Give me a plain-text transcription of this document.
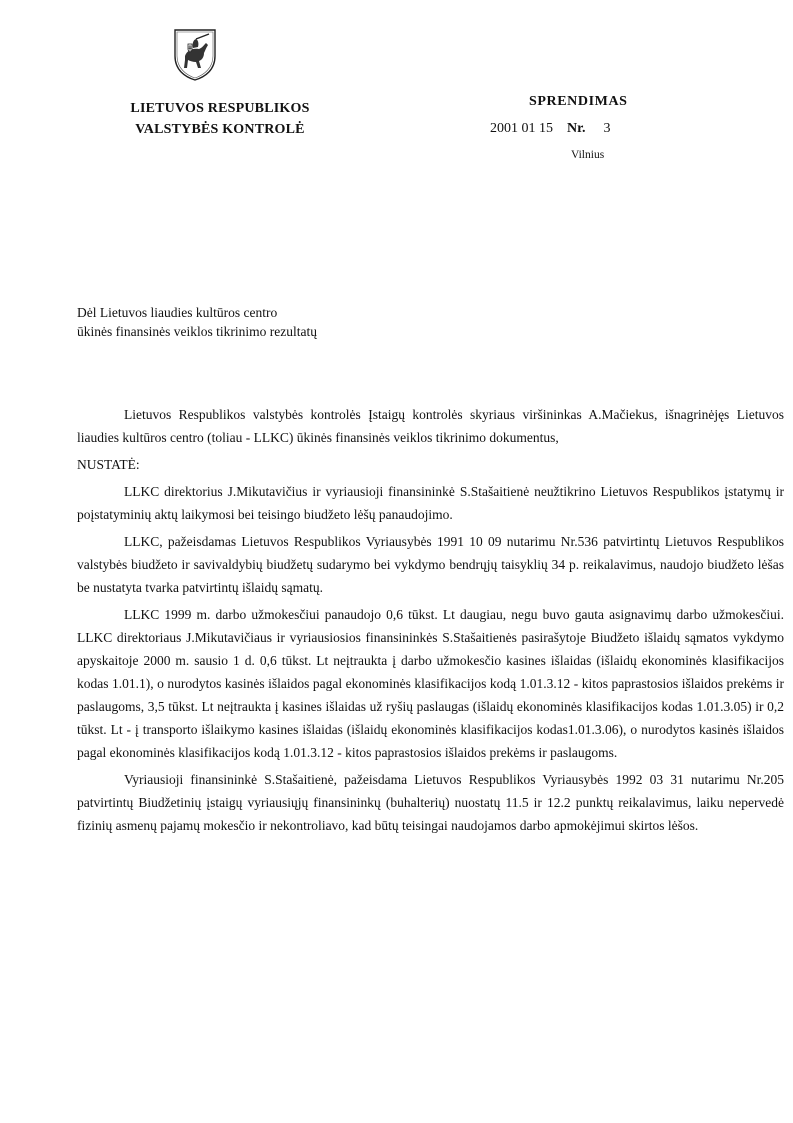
LIETUVOS RESPUBLIKOS
VALSTYBĖS KONTROLĖ
SPRENDIMAS
2001 01 15 Nr. 3
Vilnius
Dėl Lietuvos liaudies kultūros centro
ūkinės finansinės veiklos tikrinimo rezultatų

Lietuvos Respublikos valstybės kontrolės Įstaigų kontrolės skyriaus viršininkas A.Mačiekus, išnagrinėjęs Lietuvos liaudies kultūros centro (toliau - LLKC) ūkinės finansinės veiklos tikrinimo dokumentus,

NUSTATĖ:

LLKC direktorius J.Mikutavičius ir vyriausioji finansininkė S.Stašaitienė neužtikrino Lietuvos Respublikos įstatymų ir poįstatyminių aktų laikymosi bei teisingo biudžeto lėšų panaudojimo.

LLKC, pažeisdamas Lietuvos Respublikos Vyriausybės 1991 10 09 nutarimu Nr.536 patvirtintų Lietuvos Respublikos valstybės biudžeto ir savivaldybių biudžetų sudarymo bei vykdymo bendrųjų taisyklių 34 p. reikalavimus, naudojo biudžeto lėšas be nustatyta tvarka patvirtintų išlaidų sąmatų.

LLKC 1999 m. darbo užmokesčiui panaudojo 0,6 tūkst. Lt daugiau, negu buvo gauta asignavimų darbo užmokesčiui. LLKC direktoriaus J.Mikutavičiaus ir vyriausiosios finansininkės S.Stašaitienės pasirašytoje Biudžeto išlaidų sąmatos vykdymo apyskaitoje 2000 m. sausio 1 d. 0,6 tūkst. Lt neįtraukta į darbo užmokesčio kasines išlaidas (išlaidų ekonominės klasifikacijos kodas 1.01.1), o nurodytos kasinės išlaidos pagal ekonominės klasifikacijos kodą 1.01.3.12 - kitos paprastosios išlaidos prekėms ir paslaugoms, 3,5 tūkst. Lt neįtraukta į kasines išlaidas už ryšių paslaugas (išlaidų ekonominės klasifikacijos kodas 1.01.3.05) ir 0,2 tūkst. Lt - į transporto išlaikymo kasines išlaidas (išlaidų ekonominės klasifikacijos kodas1.01.3.06), o nurodytos kasinės išlaidos pagal ekonominės klasifikacijos kodą 1.01.3.12 - kitos paprastosios išlaidos prekėms ir paslaugoms.

Vyriausioji finansininkė S.Stašaitienė, pažeisdama Lietuvos Respublikos Vyriausybės 1992 03 31 nutarimu Nr.205 patvirtintų Biudžetinių įstaigų vyriausiųjų finansininkų (buhalterių) nuostatų 11.5 ir 12.2 punktų reikalavimus, laiku nepervedė fizinių asmenų pajamų mokesčio ir nekontroliavo, kad būtų teisingai naudojamos darbo apmokėjimui skirtos lėšos.
